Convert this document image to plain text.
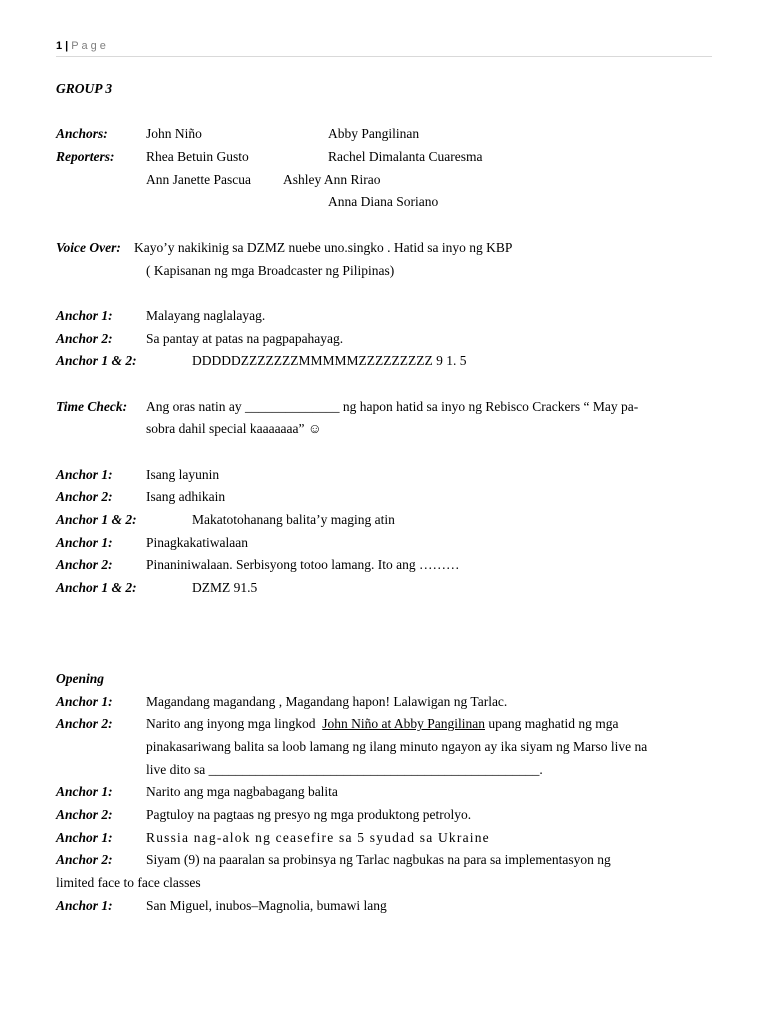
1 | Page
GROUP 3
Anchors:	John Niño	Abby Pangilinan
Reporters: Rhea Betuin Gusto	Rachel Dimalanta Cuaresma
Ann Janette Pascua Ashley Ann Rirao
Anna Diana Soriano
Voice Over: Kayo’y nakikinig sa DZMZ nuebe uno.singko . Hatid sa inyo ng KBP
( Kapisanan ng mga Broadcaster ng Pilipinas)
Anchor 1: Malayang naglalayag.
Anchor 2: Sa pantay at patas na pagpapahayag.
Anchor 1 & 2:	DDDDDZZZZZZZMMMMMZZZZZZZZZ 9 1. 5
Time Check: Ang oras natin ay ______________ ng hapon hatid sa inyo ng Rebisco Crackers “ May pa-
sobra dahil special kaaaaaaa” ☺
Anchor 1: Isang layunin
Anchor 2: Isang adhikain
Anchor 1 & 2:	Makatotohanang balita’y maging atin
Anchor 1: Pinagkakatiwalaan
Anchor 2: Pinaniniwalaan. Serbisyong totoo lamang. Ito ang ………
Anchor 1 & 2:	DZMZ 91.5
Opening
Anchor 1: Magandang magandang , Magandang hapon! Lalawigan ng Tarlac.
Anchor 2: Narito ang inyong mga lingkod John Niño at Abby Pangilinan upang maghatid ng mga
pinakasariwang balita sa loob lamang ng ilang minuto ngayon ay ika siyam ng Marso live na
live dito sa _________________________________________________.
Anchor 1: Narito ang mga nagbabagang balita
Anchor 2: Pagtuloy na pagtaas ng presyo ng mga produktong petrolyo.
Anchor 1: Russia nag-alok ng ceasefire sa 5 syudad sa Ukraine
Anchor 2: Siyam (9) na paaralan sa probinsya ng Tarlac nagbukas na para sa implementasyon ng
limited face to face classes
Anchor 1: San Miguel, inubos–Magnolia, bumawi lang
